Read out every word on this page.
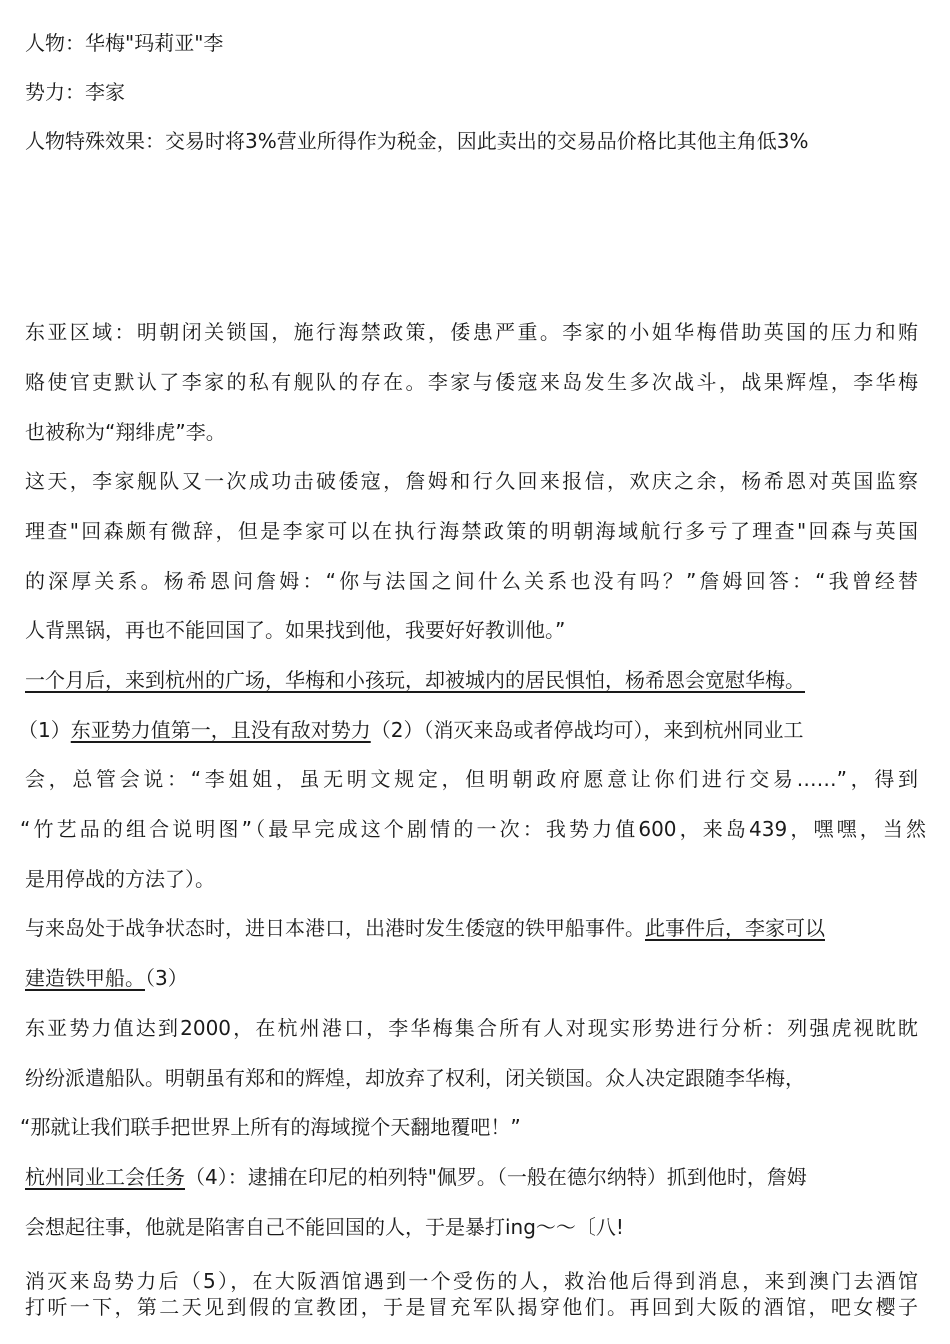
人物：华梅"玛莉亚"李
势力：李家
人物特殊效果：交易时将3%营业所得作为税金，因此卖出的交易品价格比其他主角低3%
东亚区域：明朝闭关锁国，施行海禁政策，倭患严重。李家的小姐华梅借助英国的压力和贿
赂使官吏默认了李家的私有舰队的存在。李家与倭寇来岛发生多次战斗，战果辉煌，李华梅
也被称为“翔绯虎”李。
这天，李家舰队又一次成功击破倭寇，詹姆和行久回来报信，欢庆之余，杨希恩对英国监察
理查"回森颇有微辞，但是李家可以在执行海禁政策的明朝海域航行多亏了理查"回森与英国
的深厚关系。杨希恩问詹姆：“你与法国之间什么关系也没有吗？”詹姆回答：“我曾经替
人背黑锅，再也不能回国了。如果找到他，我要好好教训他。”
一个月后，来到杭州的广场，华梅和小孩玩，却被城内的居民惧怕，杨希恩会宽慰华梅。
（1）东亚势力值第一，且没有敌对势力（2）（消灭来岛或者停战均可），来到杭州同业工
会，总管会说：“李姐姐，虽无明文规定，但明朝政府愿意让你们进行交易……”，得到
“竹艺品的组合说明图”（最早完成这个剧情的一次：我势力值600，来岛439，嘿嘿，当然
是用停战的方法了）。
与来岛处于战争状态时，进日本港口，出港时发生倭寇的铁甲船事件。此事件后，李家可以
建造铁甲船。（3）
东亚势力值达到2000，在杭州港口，李华梅集合所有人对现实形势进行分析：列强虎视眈眈
纷纷派遣船队。明朝虽有郑和的辉煌，却放弃了权利，闭关锁国。众人决定跟随李华梅，
“那就让我们联手把世界上所有的海域搅个天翻地覆吧！”
杭州同业工会任务（4）：逮捕在印尼的柏列特"佩罗。（一般在德尔纳特）抓到他时，詹姆
会想起往事，他就是陷害自己不能回国的人，于是暴打ing～～〔八!
消灭来岛势力后（5），在大阪酒馆遇到一个受伤的人，救治他后得到消息，来到澳门去酒馆
打听一下，第二天见到假的宣教团，于是冒充军队揭穿他们。再回到大阪的酒馆，吧女樱子
